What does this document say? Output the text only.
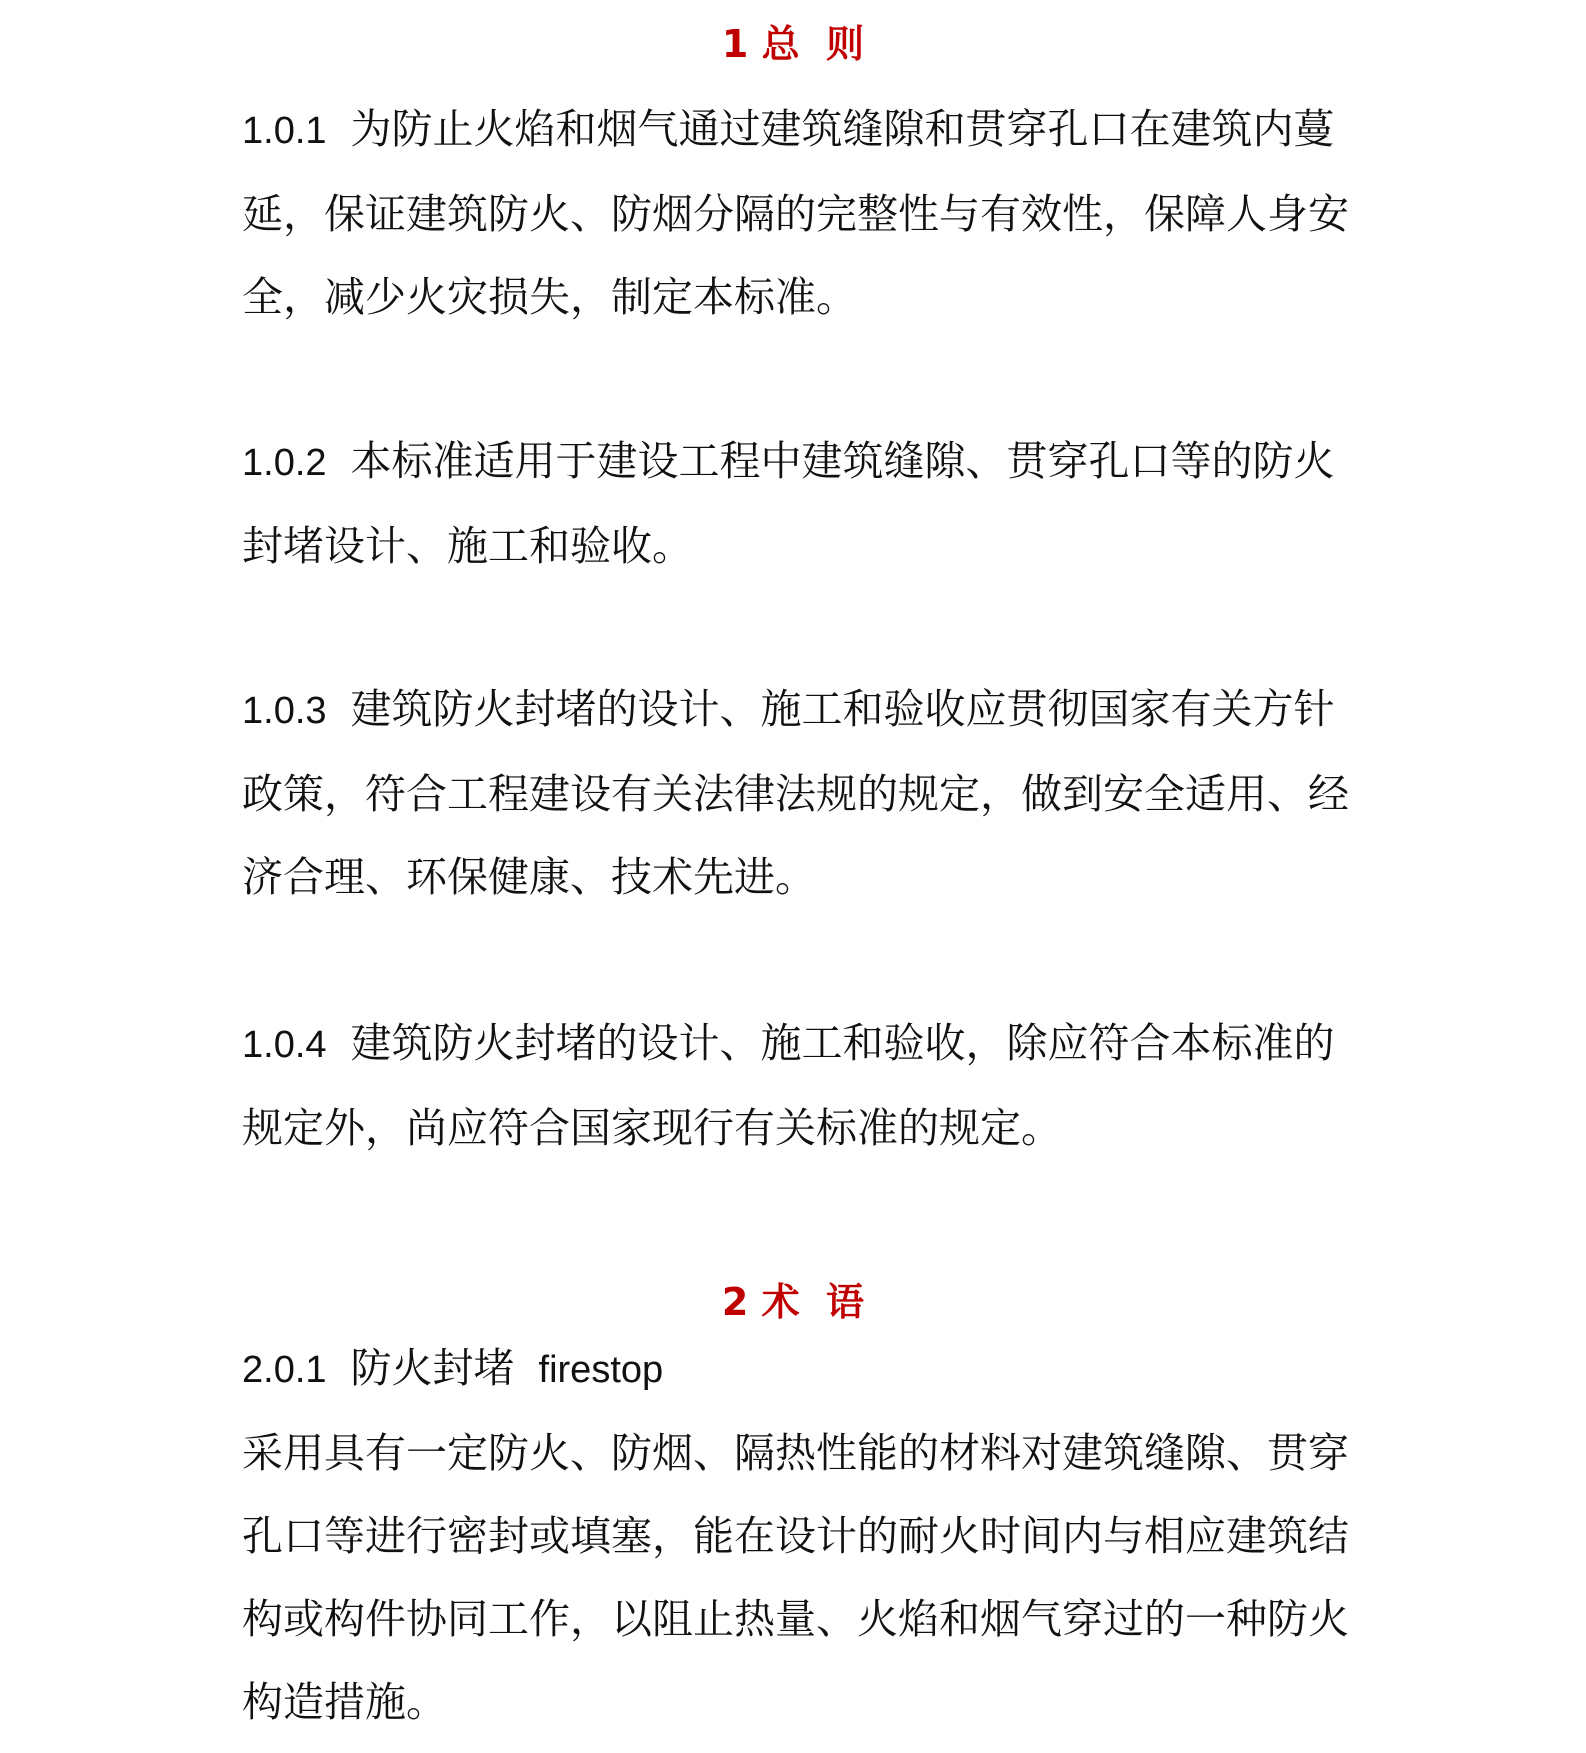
1 总  则

1.0.1 为防止火焰和烟气通过建筑缝隙和贯穿孔口在建筑内蔓延，保证建筑防火、防烟分隔的完整性与有效性，保障人身安全，减少火灾损失，制定本标准。

1.0.2 本标准适用于建设工程中建筑缝隙、贯穿孔口等的防火封堵设计、施工和验收。

1.0.3 建筑防火封堵的设计、施工和验收应贯彻国家有关方针政策，符合工程建设有关法律法规的规定，做到安全适用、经济合理、环保健康、技术先进。

1.0.4 建筑防火封堵的设计、施工和验收，除应符合本标准的规定外，尚应符合国家现行有关标准的规定。

2 术  语

2.0.1 防火封堵 firestop

采用具有一定防火、防烟、隔热性能的材料对建筑缝隙、贯穿孔口等进行密封或填塞，能在设计的耐火时间内与相应建筑结构或构件协同工作，以阻止热量、火焰和烟气穿过的一种防火构造措施。
